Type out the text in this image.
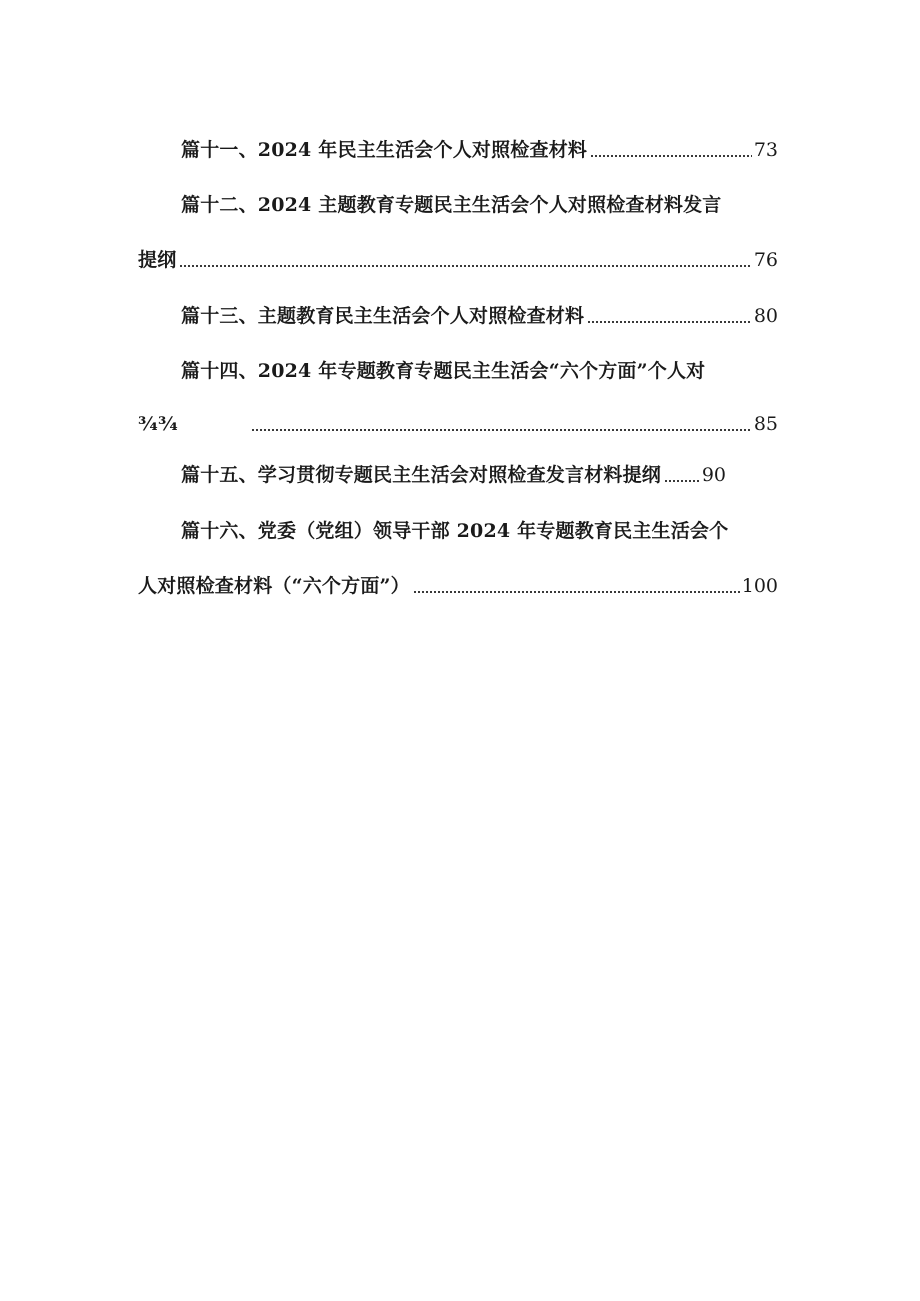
篇十一、2024 年民主生活会个人对照检查材料	73
篇十二、2024 主题教育专题民主生活会个人对照检查材料发言
提纲	76
篇十三、主题教育民主生活会个人对照检查材料	80
篇十四、2024 年专题教育专题民主生活会“六个方面”个人对
¾¾	85
篇十五、学习贯彻专题民主生活会对照检查发言材料提纲 90
篇十六、党委（党组）领导干部 2024 年专题教育民主生活会个
人对照检查材料（“六个方面”）	100
